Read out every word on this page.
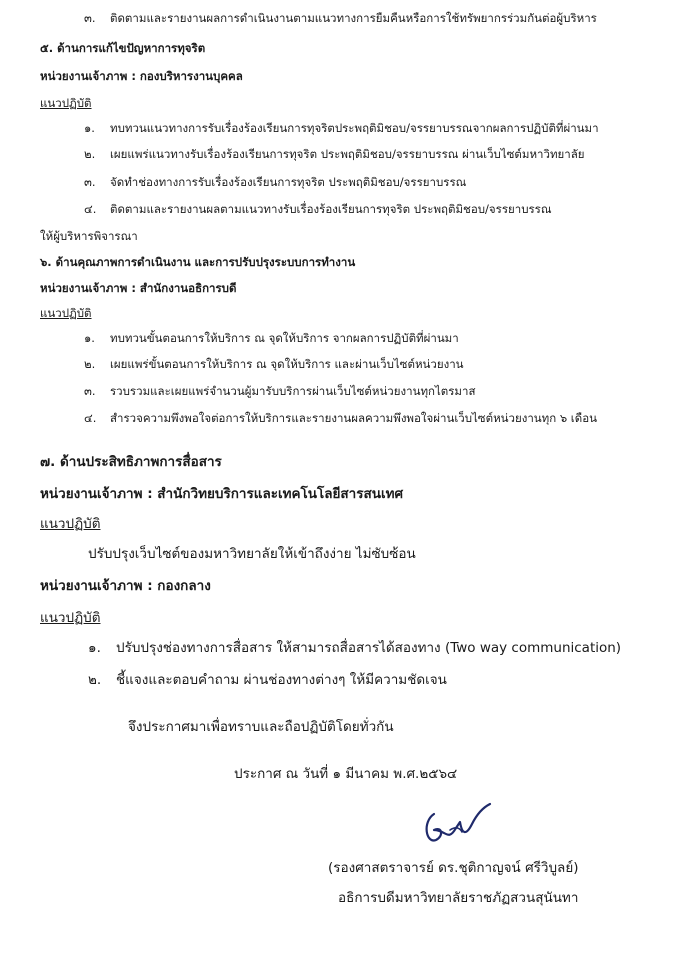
๓. ติดตามและรายงานผลการดำเนินงานตามแนวทางการยืมคืนหรือการใช้ทรัพยากรร่วมกันต่อผู้บริหาร
๕. ด้านการแก้ไขปัญหาการทุจริต
หน่วยงานเจ้าภาพ : กองบริหารงานบุคคล
แนวปฏิบัติ
๑. ทบทวนแนวทางการรับเรื่องร้องเรียนการทุจริตประพฤติมิชอบ/จรรยาบรรณจากผลการปฏิบัติที่ผ่านมา
๒. เผยแพร่แนวทางรับเรื่องร้องเรียนการทุจริต ประพฤติมิชอบ/จรรยาบรรณ ผ่านเว็บไซต์มหาวิทยาลัย
๓. จัดทำช่องทางการรับเรื่องร้องเรียนการทุจริต ประพฤติมิชอบ/จรรยาบรรณ
๔. ติดตามและรายงานผลตามแนวทางรับเรื่องร้องเรียนการทุจริต ประพฤติมิชอบ/จรรยาบรรณ
ให้ผู้บริหารพิจารณา
๖. ด้านคุณภาพการดำเนินงาน และการปรับปรุงระบบการทำงาน
หน่วยงานเจ้าภาพ : สำนักงานอธิการบดี
แนวปฏิบัติ
๑. ทบทวนขั้นตอนการให้บริการ ณ จุดให้บริการ จากผลการปฏิบัติที่ผ่านมา
๒. เผยแพร่ขั้นตอนการให้บริการ ณ จุดให้บริการ และผ่านเว็บไซต์หน่วยงาน
๓. รวบรวมและเผยแพร่จำนวนผู้มารับบริการผ่านเว็บไซต์หน่วยงานทุกไตรมาส
๔. สำรวจความพึงพอใจต่อการให้บริการและรายงานผลความพึงพอใจผ่านเว็บไซต์หน่วยงานทุก ๖ เดือน
๗. ด้านประสิทธิภาพการสื่อสาร
หน่วยงานเจ้าภาพ : สำนักวิทยบริการและเทคโนโลยีสารสนเทศ
แนวปฏิบัติ
ปรับปรุงเว็บไซต์ของมหาวิทยาลัยให้เข้าถึงง่าย ไม่ซับซ้อน
หน่วยงานเจ้าภาพ : กองกลาง
แนวปฏิบัติ
๑. ปรับปรุงช่องทางการสื่อสาร ให้สามารถสื่อสารได้สองทาง (Two way communication)
๒. ชี้แจงและตอบคำถาม ผ่านช่องทางต่างๆ ให้มีความชัดเจน
จึงประกาศมาเพื่อทราบและถือปฏิบัติโดยทั่วกัน
ประกาศ ณ วันที่ ๑ มีนาคม พ.ศ.๒๕๖๔
(รองศาสตราจารย์ ดร.ชุติกาญจน์ ศรีวิบูลย์)
อธิการบดีมหาวิทยาลัยราชภัฏสวนสุนันทา
